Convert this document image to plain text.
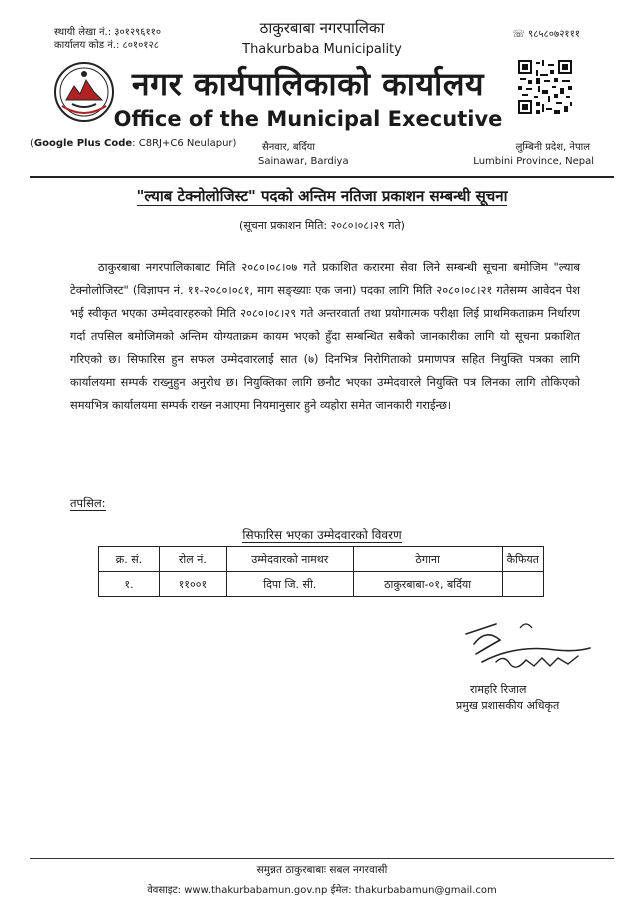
स्थायी लेखा नं.: ३०१२९६११०
कार्यालय कोड नं.: ८०१०१२८
☏ ९८५८०७२१११
ठाकुरबाबा नगरपालिका
Thakurbaba Municipality
नगर कार्यपालिकाको कार्यालय
Office of the Municipal Executive
(Google Plus Code: C8RJ+C6 Neulapur)	सैनवार, बर्दिया
Sainawar, Bardiya
लुम्बिनी प्रदेश, नेपाल
Lumbini Province, Nepal
"ल्याब टेक्नोलोजिस्ट" पदको अन्तिम नतिजा प्रकाशन सम्बन्धी सूचना
(सूचना प्रकाशन मिति: २०८०।०८।२९ गते)
ठाकुरबाबा नगरपालिकाबाट मिति २०८०।०८।०७ गते प्रकाशित करारमा सेवा लिने सम्बन्धी सूचना बमोजिम "ल्याब टेक्नोलोजिस्ट" (विज्ञापन नं. ११-२०८०।०८१, माग सङ्ख्याः एक जना) पदका लागि मिति २०८०।०८।२१ गतेसम्म आवेदन पेश भई स्वीकृत भएका उम्मेदवारहरुको मिति २०८०।०८।२९ गते अन्तरवार्ता तथा प्रयोगात्मक परीक्षा लिई प्राथमिकताक्रम निर्धारण गर्दा तपसिल बमोजिमको अन्तिम योग्यताक्रम कायम भएको हुँदा सम्बन्धित सबैको जानकारीका लागि यो सूचना प्रकाशित गरिएको छ। सिफारिस हुन सफल उम्मेदवारलाई सात (७) दिनभित्र निरोगिताको प्रमाणपत्र सहित नियुक्ति पत्रका लागि कार्यालयमा सम्पर्क राख्नुहुन अनुरोध छ। नियुक्तिका लागि छनौट भएका उम्मेदवारले नियुक्ति पत्र लिनका लागि तोकिएको समयभित्र कार्यालयमा सम्पर्क राख्न नआएमा नियमानुसार हुने व्यहोरा समेत जानकारी गराईन्छ।
तपसिल:
सिफारिस भएका उम्मेदवारको विवरण
क्र. सं.	रोल नं.	उम्मेदवारको नामथर	ठेगाना	कैफियत
१.	११००१	दिपा जि. सी.	ठाकुरबाबा-०१, बर्दिया	
रामहरि रिजाल
प्रमुख प्रशासकीय अधिकृत
समुन्नत ठाकुरबाबाः सबल नगरवासी
वेवसाइट: www.thakurbabamun.gov.np ईमेल: thakurbabamun@gmail.com
